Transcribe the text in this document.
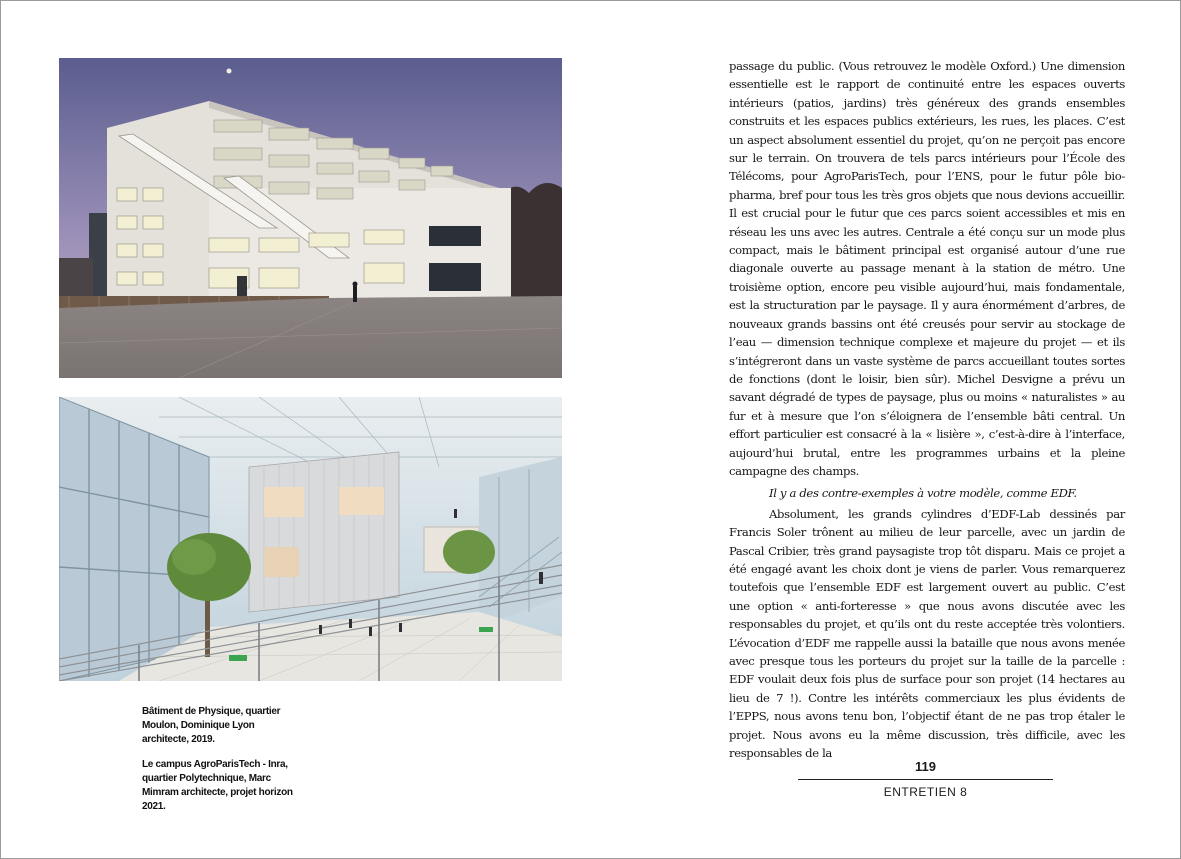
Bâtiment de Physique, quartier Moulon, Dominique Lyon architecte, 2019.

Le campus AgroParisTech - Inra, quartier Polytechnique, Marc Mimram architecte, projet horizon 2021.

passage du public. (Vous retrouvez le modèle Oxford.) Une dimension essentielle est le rapport de continuité entre les espaces ouverts intérieurs (patios, jardins) très généreux des grands ensembles construits et les espaces publics extérieurs, les rues, les places. C’est un aspect absolument essentiel du projet, qu’on ne perçoit pas encore sur le terrain. On trouvera de tels parcs intérieurs pour l’École des Télécoms, pour AgroParisTech, pour l’ENS, pour le futur pôle bio-pharma, bref pour tous les très gros objets que nous devions accueillir. Il est crucial pour le futur que ces parcs soient accessibles et mis en réseau les uns avec les autres. Centrale a été conçu sur un mode plus compact, mais le bâtiment principal est organisé autour d’une rue diagonale ouverte au passage menant à la station de métro. Une troisième option, encore peu visible aujourd’hui, mais fondamentale, est la structuration par le paysage. Il y aura énormément d’arbres, de nouveaux grands bassins ont été creusés pour servir au stockage de l’eau — dimension technique complexe et majeure du projet — et ils s’intégreront dans un vaste système de parcs accueillant toutes sortes de fonctions (dont le loisir, bien sûr). Michel Desvigne a prévu un savant dégradé de types de paysage, plus ou moins « naturalistes » au fur et à mesure que l’on s’éloignera de l’ensemble bâti central. Un effort particulier est consacré à la « lisière », c’est-à-dire à l’interface, aujourd’hui brutal, entre les programmes urbains et la pleine campagne des champs.

Il y a des contre-exemples à votre modèle, comme EDF.

Absolument, les grands cylindres d’EDF-Lab dessinés par Francis Soler trônent au milieu de leur parcelle, avec un jardin de Pascal Cribier, très grand paysagiste trop tôt disparu. Mais ce projet a été engagé avant les choix dont je viens de parler. Vous remarquerez toutefois que l’ensemble EDF est largement ouvert au public. C’est une option « anti-forteresse » que nous avons discutée avec les responsables du projet, et qu’ils ont du reste acceptée très volontiers. L’évocation d’EDF me rappelle aussi la bataille que nous avons menée avec presque tous les porteurs du projet sur la taille de la parcelle : EDF voulait deux fois plus de surface pour son projet (14 hectares au lieu de 7 !). Contre les intérêts commerciaux les plus évidents de l’EPPS, nous avons tenu bon, l’objectif étant de ne pas trop étaler le projet. Nous avons eu la même discussion, très difficile, avec les responsables de la

119
ENTRETIEN 8
